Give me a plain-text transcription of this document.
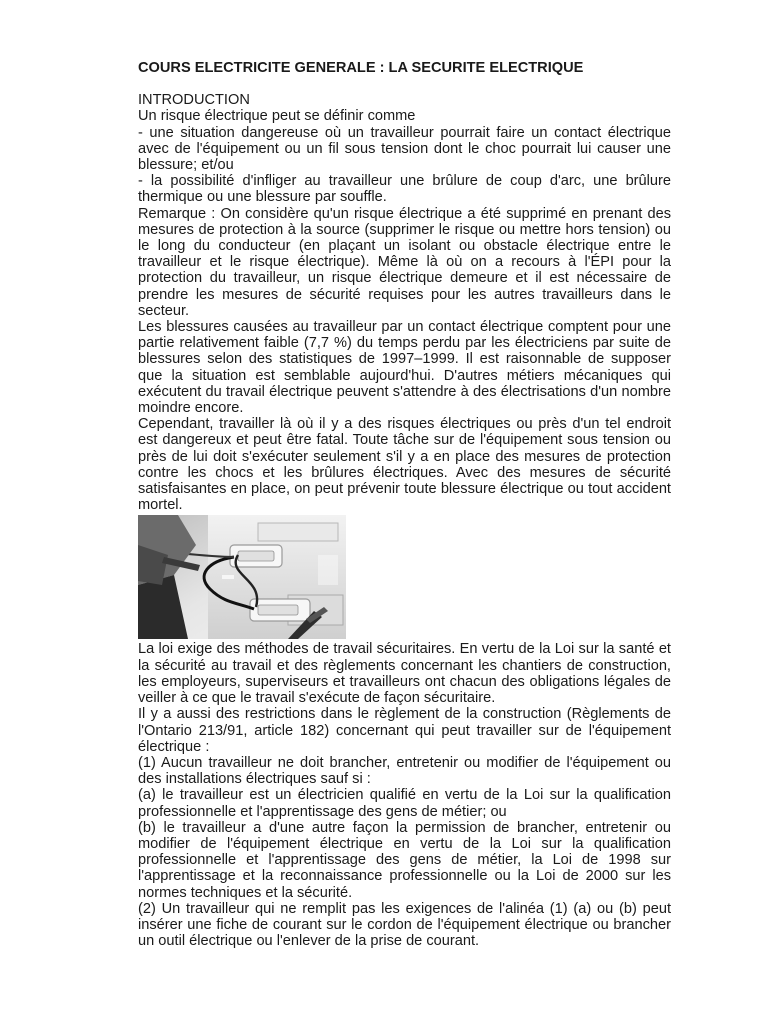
COURS ELECTRICITE GENERALE : LA SECURITE ELECTRIQUE

INTRODUCTION

Un risque électrique peut se définir comme

- une situation dangereuse où un travailleur pourrait faire un contact électrique avec de l'équipement ou un fil sous tension dont le choc pourrait lui causer une blessure; et/ou

- la possibilité d'infliger au travailleur une brûlure de coup d'arc, une brûlure thermique ou une blessure par souffle.

Remarque : On considère qu'un risque électrique a été supprimé en prenant des mesures de protection à la source (supprimer le risque ou mettre hors tension) ou le long du conducteur (en plaçant un isolant ou obstacle électrique entre le travailleur et le risque électrique). Même là où on a recours à l'ÉPI pour la protection du travailleur, un risque électrique demeure et il est nécessaire de prendre les mesures de sécurité requises pour les autres travailleurs dans le secteur.

Les blessures causées au travailleur par un contact électrique comptent pour une partie relativement faible (7,7 %) du temps perdu par les électriciens par suite de blessures selon des statistiques de 1997–1999. Il est raisonnable de supposer que la situation est semblable aujourd'hui. D'autres métiers mécaniques qui exécutent du travail électrique peuvent s'attendre à des électrisations d'un nombre moindre encore.

Cependant, travailler là où il y a des risques électriques ou près d'un tel endroit est dangereux et peut être fatal. Toute tâche sur de l'équipement sous tension ou près de lui doit s'exécuter seulement s'il y a en place des mesures de protection contre les chocs et les brûlures électriques. Avec des mesures de sécurité satisfaisantes en place, on peut prévenir toute blessure électrique ou tout accident mortel.

La loi exige des méthodes de travail sécuritaires. En vertu de la Loi sur la santé et la sécurité au travail et des règlements concernant les chantiers de construction, les employeurs, superviseurs et travailleurs ont chacun des obligations légales de veiller à ce que le travail s'exécute de façon sécuritaire.

Il y a aussi des restrictions dans le règlement de la construction (Règlements de l'Ontario 213/91, article 182) concernant qui peut travailler sur de l'équipement électrique :

(1) Aucun travailleur ne doit brancher, entretenir ou modifier de l'équipement ou des installations électriques sauf si :

(a) le travailleur est un électricien qualifié en vertu de la Loi sur la qualification professionnelle et l'apprentissage des gens de métier; ou

(b) le travailleur a d'une autre façon la permission de brancher, entretenir ou modifier de l'équipement électrique en vertu de la Loi sur la qualification professionnelle et l'apprentissage des gens de métier, la Loi de 1998 sur l'apprentissage et la reconnaissance professionnelle ou la Loi de 2000 sur les normes techniques et la sécurité.

(2) Un travailleur qui ne remplit pas les exigences de l'alinéa (1) (a) ou (b) peut insérer une fiche de courant sur le cordon de l'équipement électrique ou brancher un outil électrique ou l'enlever de la prise de courant.
